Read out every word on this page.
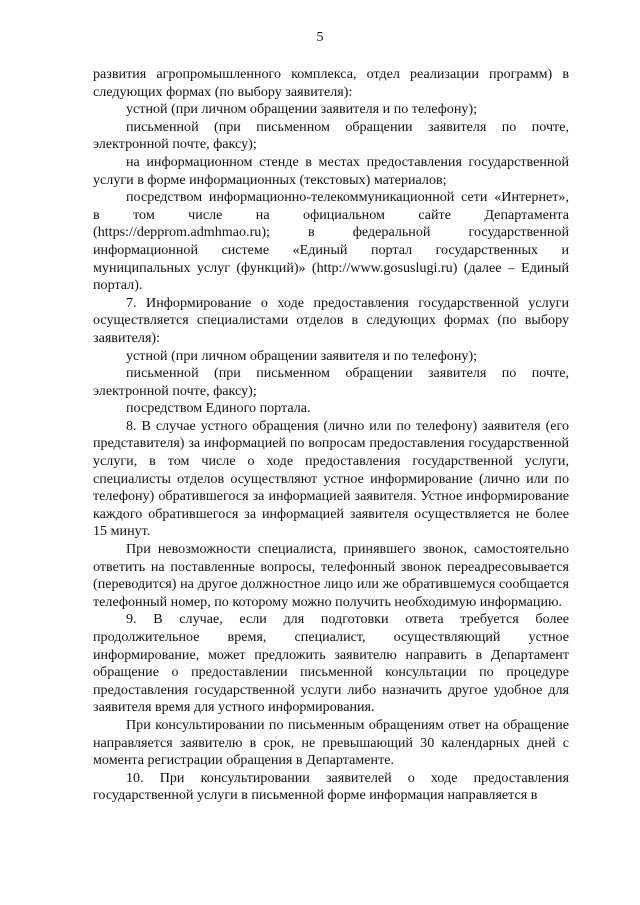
5

развития агропромышленного комплекса, отдел реализации программ) в следующих формах (по выбору заявителя):

устной (при личном обращении заявителя и по телефону);

письменной (при письменном обращении заявителя по почте, электронной почте, факсу);

на информационном стенде в местах предоставления государственной услуги в форме информационных (текстовых) материалов;

посредством информационно-телекоммуникационной сети «Интернет», в том числе на официальном сайте Департамента (https://depprom.admhmao.ru); в федеральной государственной информационной системе «Единый портал государственных и муниципальных услуг (функций)» (http://www.gosuslugi.ru) (далее – Единый портал).

7. Информирование о ходе предоставления государственной услуги осуществляется специалистами отделов в следующих формах (по выбору заявителя):

устной (при личном обращении заявителя и по телефону);

письменной (при письменном обращении заявителя по почте, электронной почте, факсу);

посредством Единого портала.

8. В случае устного обращения (лично или по телефону) заявителя (его представителя) за информацией по вопросам предоставления государственной услуги, в том числе о ходе предоставления государственной услуги, специалисты отделов осуществляют устное информирование (лично или по телефону) обратившегося за информацией заявителя. Устное информирование каждого обратившегося за информацией заявителя осуществляется не более 15 минут.

При невозможности специалиста, принявшего звонок, самостоятельно ответить на поставленные вопросы, телефонный звонок переадресовывается (переводится) на другое должностное лицо или же обратившемуся сообщается телефонный номер, по которому можно получить необходимую информацию.

9. В случае, если для подготовки ответа требуется более продолжительное время, специалист, осуществляющий устное информирование, может предложить заявителю направить в Департамент обращение о предоставлении письменной консультации по процедуре предоставления государственной услуги либо назначить другое удобное для заявителя время для устного информирования.

При консультировании по письменным обращениям ответ на обращение направляется заявителю в срок, не превышающий 30 календарных дней с момента регистрации обращения в Департаменте.

10. При консультировании заявителей о ходе предоставления государственной услуги в письменной форме информация направляется в
